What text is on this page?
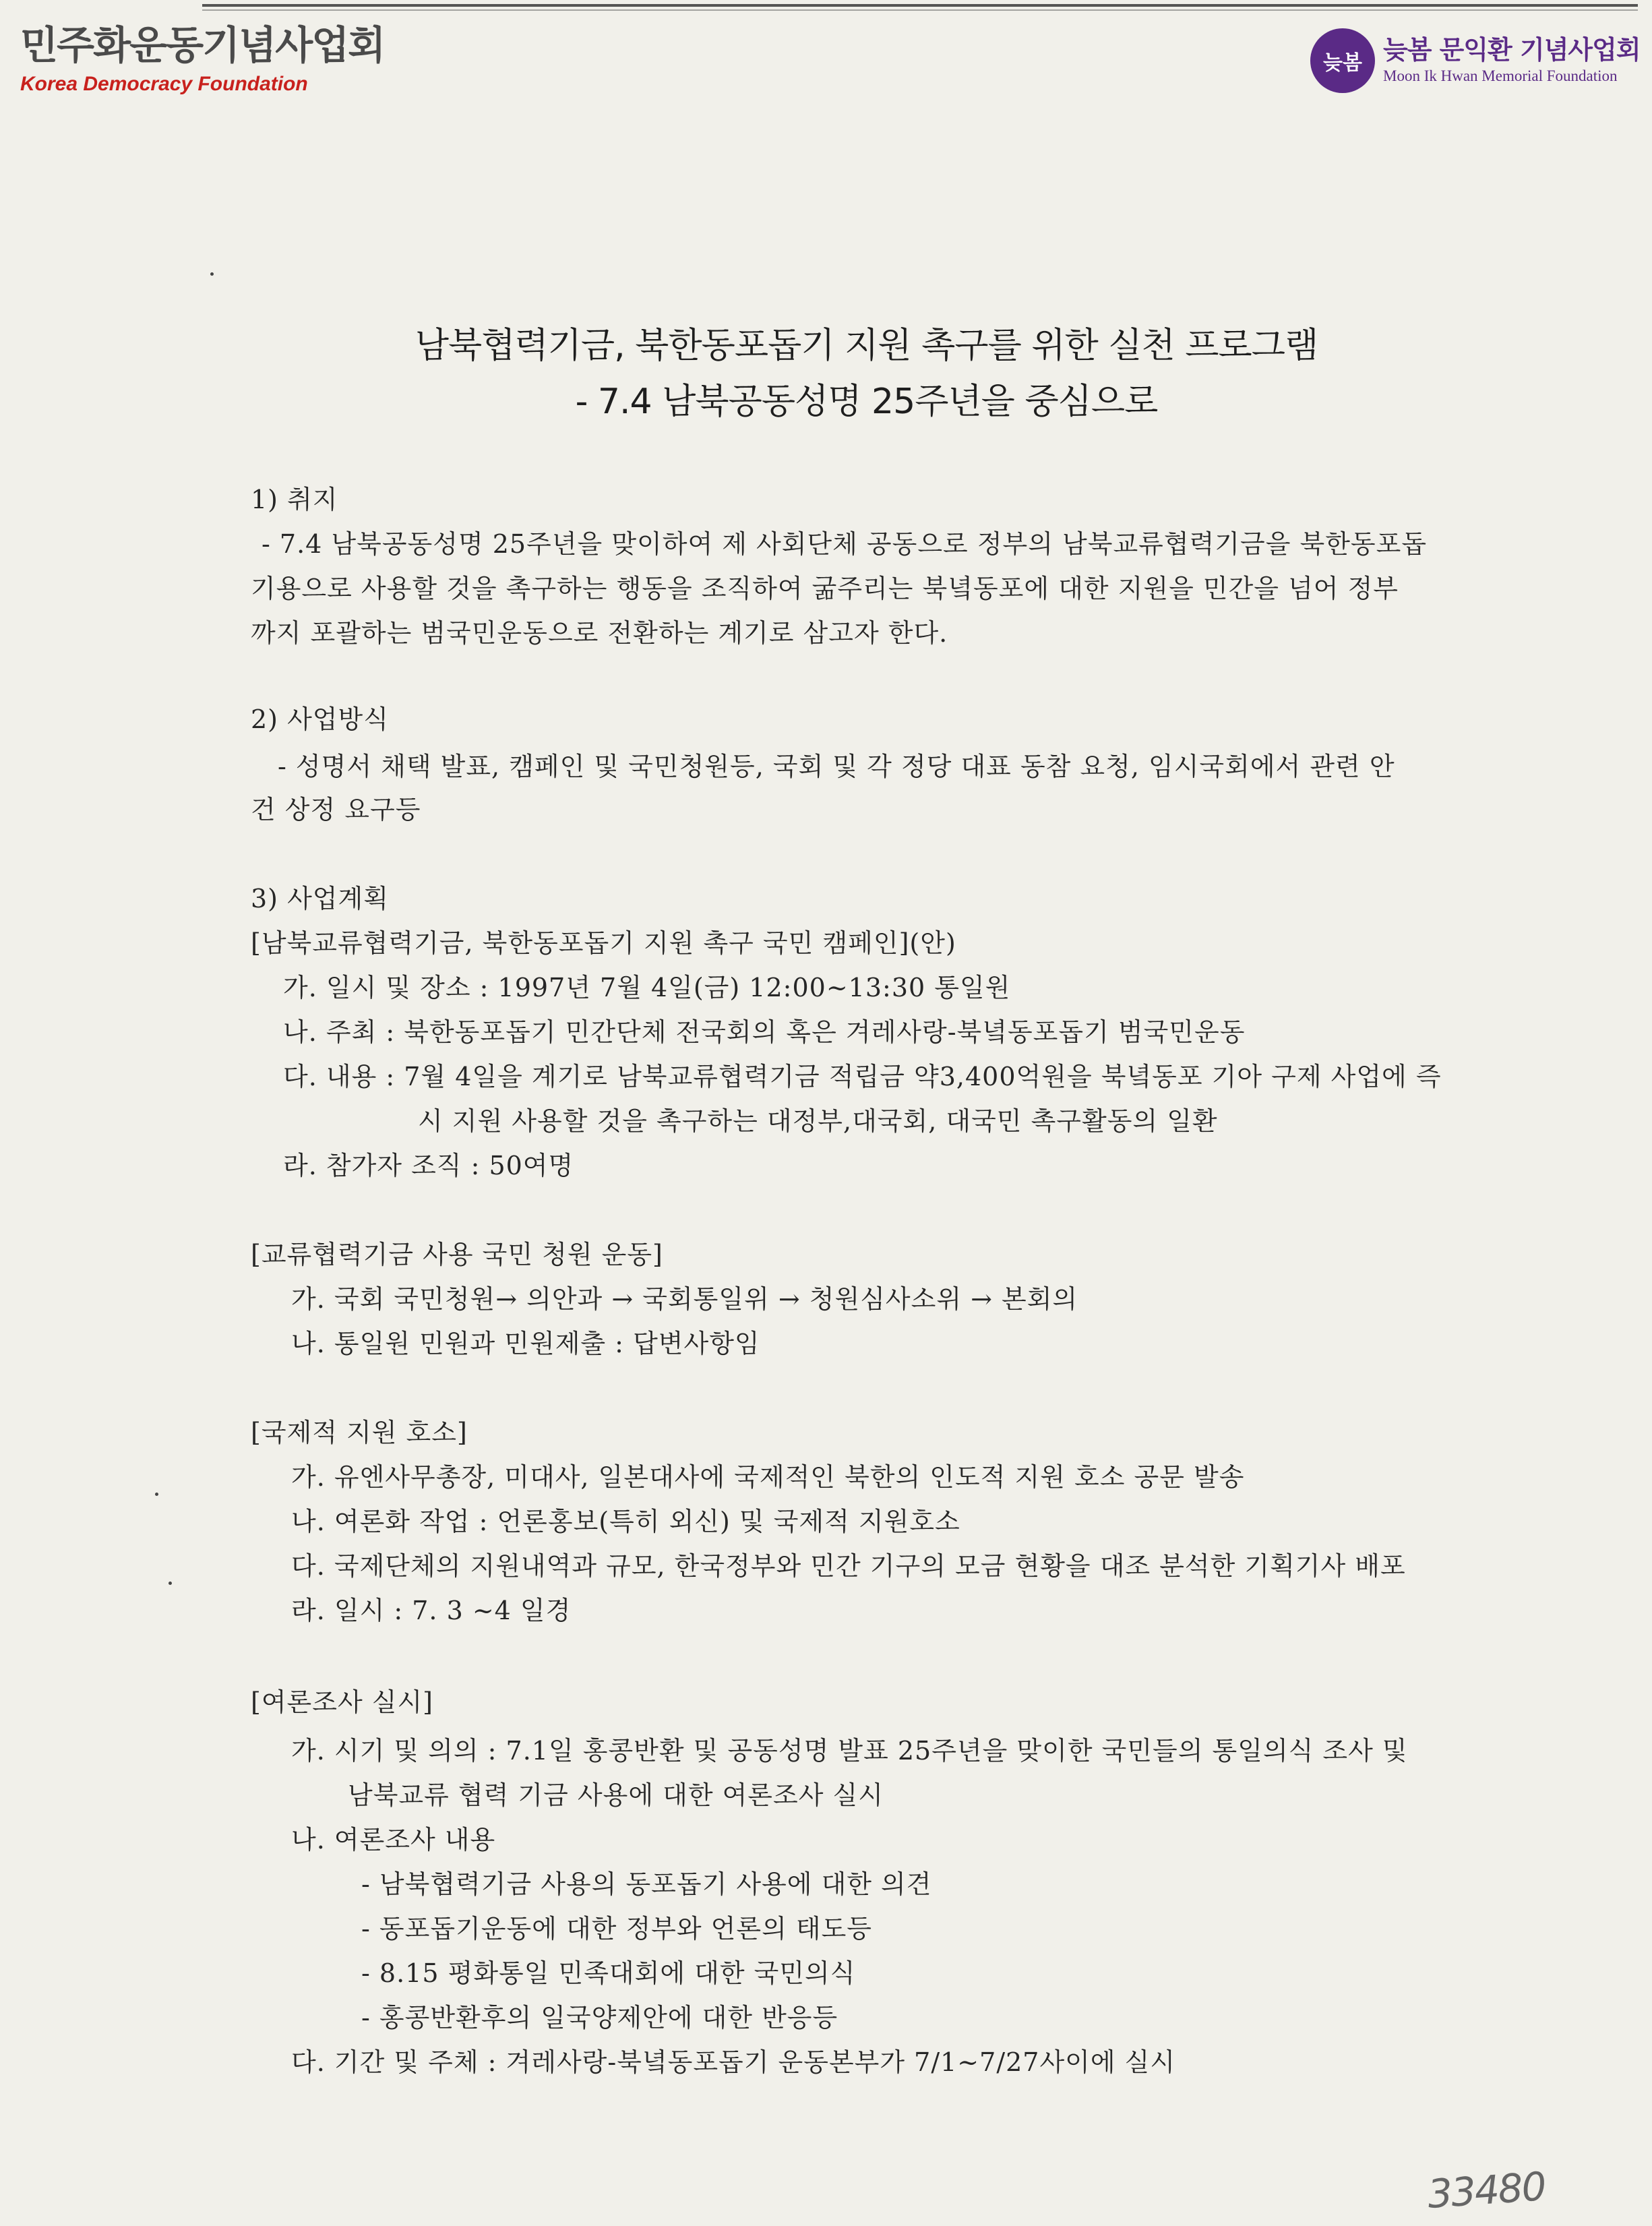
민주화운동기념사업회
Korea Democracy Foundation
늦봄 늦봄 문익환 기념사업회
Moon Ik Hwan Memorial Foundation
남북협력기금, 북한동포돕기 지원 촉구를 위한 실천 프로그램
- 7.4 남북공동성명 25주년을 중심으로
1) 취지
- 7.4 남북공동성명 25주년을 맞이하여 제 사회단체 공동으로 정부의 남북교류협력기금을 북한동포돕
기용으로 사용할 것을 촉구하는 행동을 조직하여 굶주리는 북녘동포에 대한 지원을 민간을 넘어 정부
까지 포괄하는 범국민운동으로 전환하는 계기로 삼고자 한다.
2) 사업방식
- 성명서 채택 발표, 캠페인 및 국민청원등, 국회 및 각 정당 대표 동참 요청, 임시국회에서 관련 안
건 상정 요구등
3) 사업계획
[남북교류협력기금, 북한동포돕기 지원 촉구 국민 캠페인](안)
가. 일시 및 장소 : 1997년 7월 4일(금) 12:00~13:30 통일원
나. 주최 : 북한동포돕기 민간단체 전국회의 혹은 겨레사랑-북녘동포돕기 범국민운동
다. 내용 : 7월 4일을 계기로 남북교류협력기금 적립금 약3,400억원을 북녘동포 기아 구제 사업에 즉
시 지원 사용할 것을 촉구하는 대정부,대국회, 대국민 촉구활동의 일환
라. 참가자 조직 : 50여명
[교류협력기금 사용 국민 청원 운동]
가. 국회 국민청원→ 의안과 → 국회통일위 → 청원심사소위 → 본회의
나. 통일원 민원과 민원제출 : 답변사항임
[국제적 지원 호소]
가. 유엔사무총장, 미대사, 일본대사에 국제적인 북한의 인도적 지원 호소 공문 발송
나. 여론화 작업 : 언론홍보(특히 외신) 및 국제적 지원호소
다. 국제단체의 지원내역과 규모, 한국정부와 민간 기구의 모금 현황을 대조 분석한 기획기사 배포
라. 일시 : 7. 3 ~4 일경
[여론조사 실시]
가. 시기 및 의의 : 7.1일 홍콩반환 및 공동성명 발표 25주년을 맞이한 국민들의 통일의식 조사 및
남북교류 협력 기금 사용에 대한 여론조사 실시
나. 여론조사 내용
- 남북협력기금 사용의 동포돕기 사용에 대한 의견
- 동포돕기운동에 대한 정부와 언론의 태도등
- 8.15 평화통일 민족대회에 대한 국민의식
- 홍콩반환후의 일국양제안에 대한 반응등
다. 기간 및 주체 : 겨레사랑-북녘동포돕기 운동본부가 7/1~7/27사이에 실시
33480
